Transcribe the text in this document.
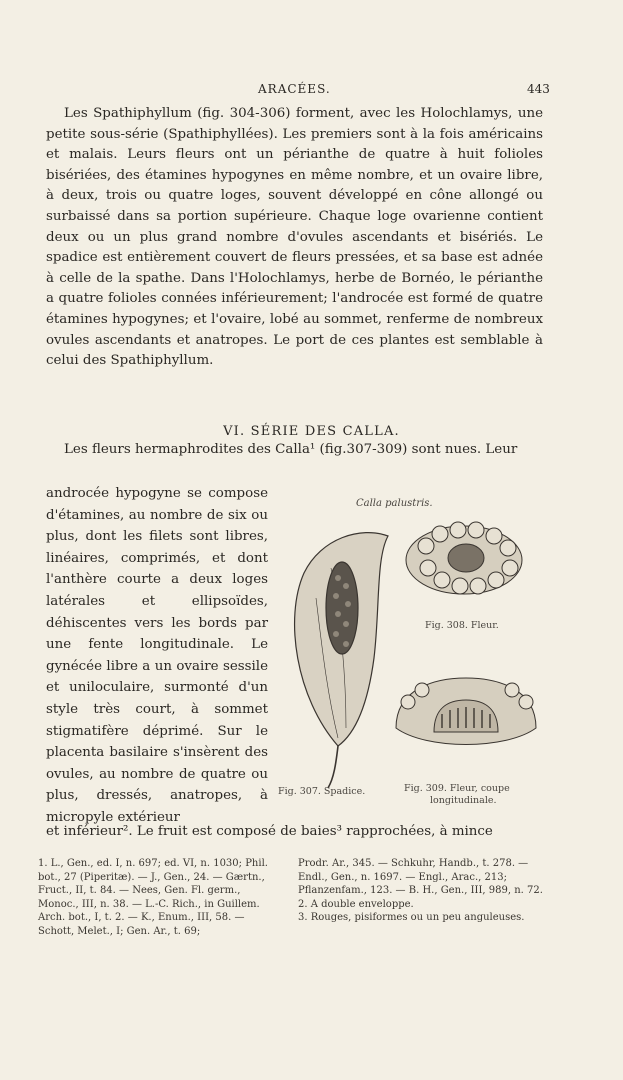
ARACÉES.	443

Les Spathiphyllum (fig. 304-306) forment, avec les Holochlamys, une petite sous-série (Spathiphyllées). Les premiers sont à la fois américains et malais. Leurs fleurs ont un périanthe de quatre à huit folioles bisériées, des étamines hypogynes en même nombre, et un ovaire libre, à deux, trois ou quatre loges, souvent développé en cône allongé ou surbaissé dans sa portion supérieure. Chaque loge ovarienne contient deux ou un plus grand nombre d'ovules ascendants et bisériés. Le spadice est entièrement couvert de fleurs pressées, et sa base est adnée à celle de la spathe. Dans l'Holochlamys, herbe de Bornéo, le périanthe a quatre folioles connées inférieurement; l'androcée est formé de quatre étamines hypogynes; et l'ovaire, lobé au sommet, renferme de nombreux ovules ascendants et anatropes. Le port de ces plantes est semblable à celui des Spathiphyllum.

VI. SÉRIE DES CALLA.

Les fleurs hermaphrodites des Calla¹ (fig.307-309) sont nues. Leur

androcée hypogyne se compose d'étamines, au nombre de six ou plus, dont les filets sont libres, linéaires, comprimés, et dont l'anthère courte a deux loges latérales et ellipsoïdes, déhiscentes vers les bords par une fente longitudinale. Le gynécée libre a un ovaire sessile et uniloculaire, surmonté d'un style très court, à sommet stigmatifère déprimé. Sur le placenta basilaire s'insèrent des ovules, au nombre de quatre ou plus, dressés, anatropes, à micropyle extérieur

et inférieur². Le fruit est composé de baies³ rapprochées, à mince
Calla palustris.
Fig. 308. Fleur.
Fig. 307. Spadice.	Fig. 309. Fleur, coupe
longitudinale.

1. L., Gen., ed. I, n. 697; ed. VI, n. 1030; Phil. bot., 27 (Piperitæ). — J., Gen., 24. — Gærtn., Fruct., II, t. 84. — Nees, Gen. Fl. germ., Monoc., III, n. 38. — L.-C. Rich., in Guillem. Arch. bot., I, t. 2. — K., Enum., III, 58. — Schott, Melet., I; Gen. Ar., t. 69;

Prodr. Ar., 345. — Schkuhr, Handb., t. 278. — Endl., Gen., n. 1697. — Engl., Arac., 213; Pflanzenfam., 123. — B. H., Gen., III, 989, n. 72.

2. A double enveloppe.

3. Rouges, pisiformes ou un peu anguleuses.
